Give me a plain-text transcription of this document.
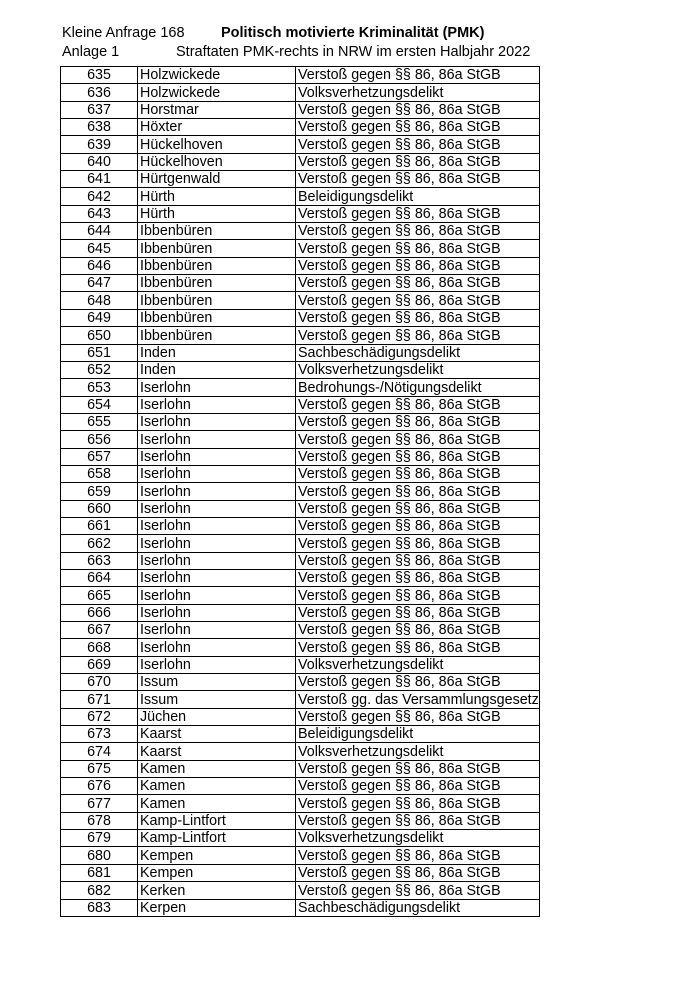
Kleine Anfrage 168	Politisch motivierte Kriminalität (PMK)
Anlage 1	Straftaten PMK-rechts in NRW im ersten Halbjahr 2022
635	Holzwickede	Verstoß gegen §§ 86, 86a StGB
636	Holzwickede	Volksverhetzungsdelikt
637	Horstmar	Verstoß gegen §§ 86, 86a StGB
638	Höxter	Verstoß gegen §§ 86, 86a StGB
639	Hückelhoven	Verstoß gegen §§ 86, 86a StGB
640	Hückelhoven	Verstoß gegen §§ 86, 86a StGB
641	Hürtgenwald	Verstoß gegen §§ 86, 86a StGB
642	Hürth	Beleidigungsdelikt
643	Hürth	Verstoß gegen §§ 86, 86a StGB
644	Ibbenbüren	Verstoß gegen §§ 86, 86a StGB
645	Ibbenbüren	Verstoß gegen §§ 86, 86a StGB
646	Ibbenbüren	Verstoß gegen §§ 86, 86a StGB
647	Ibbenbüren	Verstoß gegen §§ 86, 86a StGB
648	Ibbenbüren	Verstoß gegen §§ 86, 86a StGB
649	Ibbenbüren	Verstoß gegen §§ 86, 86a StGB
650	Ibbenbüren	Verstoß gegen §§ 86, 86a StGB
651	Inden	Sachbeschädigungsdelikt
652	Inden	Volksverhetzungsdelikt
653	Iserlohn	Bedrohungs-/Nötigungsdelikt
654	Iserlohn	Verstoß gegen §§ 86, 86a StGB
655	Iserlohn	Verstoß gegen §§ 86, 86a StGB
656	Iserlohn	Verstoß gegen §§ 86, 86a StGB
657	Iserlohn	Verstoß gegen §§ 86, 86a StGB
658	Iserlohn	Verstoß gegen §§ 86, 86a StGB
659	Iserlohn	Verstoß gegen §§ 86, 86a StGB
660	Iserlohn	Verstoß gegen §§ 86, 86a StGB
661	Iserlohn	Verstoß gegen §§ 86, 86a StGB
662	Iserlohn	Verstoß gegen §§ 86, 86a StGB
663	Iserlohn	Verstoß gegen §§ 86, 86a StGB
664	Iserlohn	Verstoß gegen §§ 86, 86a StGB
665	Iserlohn	Verstoß gegen §§ 86, 86a StGB
666	Iserlohn	Verstoß gegen §§ 86, 86a StGB
667	Iserlohn	Verstoß gegen §§ 86, 86a StGB
668	Iserlohn	Verstoß gegen §§ 86, 86a StGB
669	Iserlohn	Volksverhetzungsdelikt
670	Issum	Verstoß gegen §§ 86, 86a StGB
671	Issum	Verstoß gg. das Versammlungsgesetz
672	Jüchen	Verstoß gegen §§ 86, 86a StGB
673	Kaarst	Beleidigungsdelikt
674	Kaarst	Volksverhetzungsdelikt
675	Kamen	Verstoß gegen §§ 86, 86a StGB
676	Kamen	Verstoß gegen §§ 86, 86a StGB
677	Kamen	Verstoß gegen §§ 86, 86a StGB
678	Kamp-Lintfort	Verstoß gegen §§ 86, 86a StGB
679	Kamp-Lintfort	Volksverhetzungsdelikt
680	Kempen	Verstoß gegen §§ 86, 86a StGB
681	Kempen	Verstoß gegen §§ 86, 86a StGB
682	Kerken	Verstoß gegen §§ 86, 86a StGB
683	Kerpen	Sachbeschädigungsdelikt
